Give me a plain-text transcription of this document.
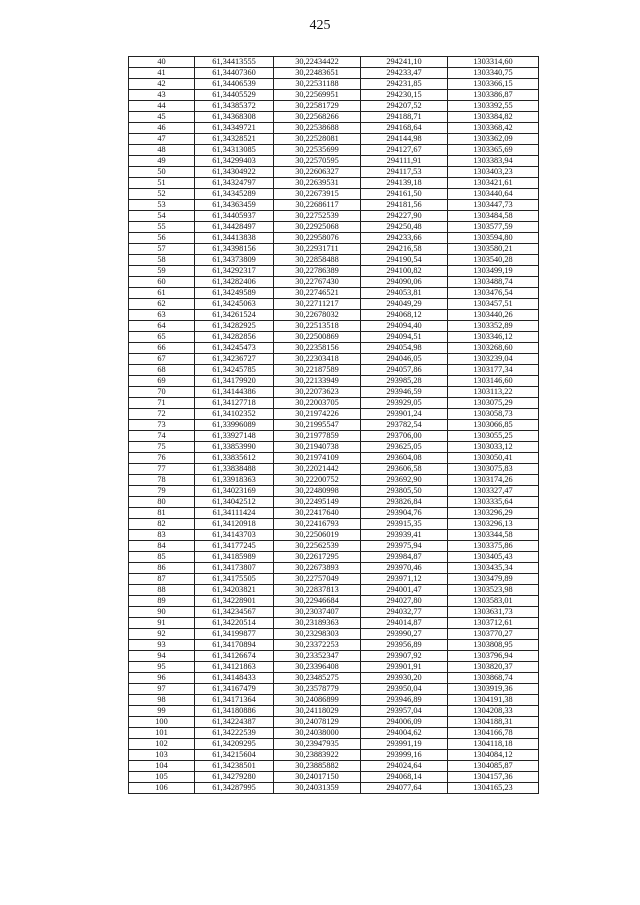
425
40	61,34413555	30,22434422	294241,10	1303314,60
41	61,34407360	30,22483651	294233,47	1303340,75
42	61,34406539	30,22531188	294231,85	1303366,15
43	61,34405529	30,22569951	294230,15	1303386,87
44	61,34385372	30,22581729	294207,52	1303392,55
45	61,34368308	30,22568266	294188,71	1303384,82
46	61,34349721	30,22538688	294168,64	1303368,42
47	61,34328521	30,22528081	294144,98	1303362,09
48	61,34313085	30,22535699	294127,67	1303365,69
49	61,34299403	30,22570595	294111,91	1303383,94
50	61,34304922	30,22606327	294117,53	1303403,23
51	61,34324797	30,22639531	294139,18	1303421,61
52	61,34345289	30,22673915	294161,50	1303440,64
53	61,34363459	30,22686117	294181,56	1303447,73
54	61,34405937	30,22752539	294227,90	1303484,58
55	61,34428497	30,22925068	294250,48	1303577,59
56	61,34413838	30,22958076	294233,66	1303594,80
57	61,34398156	30,22931711	294216,58	1303580,21
58	61,34373809	30,22858488	294190,54	1303540,28
59	61,34292317	30,22786389	294100,82	1303499,19
60	61,34282406	30,22767430	294090,06	1303488,74
61	61,34249589	30,22746521	294053,81	1303476,54
62	61,34245063	30,22711217	294049,29	1303457,51
63	61,34261524	30,22678032	294068,12	1303440,26
64	61,34282925	30,22513518	294094,40	1303352,89
65	61,34282856	30,22500869	294094,51	1303346,12
66	61,34245473	30,22358156	294054,98	1303268,60
67	61,34236727	30,22303418	294046,05	1303239,04
68	61,34245785	30,22187589	294057,86	1303177,34
69	61,34179920	30,22133949	293985,28	1303146,60
70	61,34144386	30,22073623	293946,59	1303113,22
71	61,34127718	30,22003705	293929,05	1303075,29
72	61,34102352	30,21974226	293901,24	1303058,73
73	61,33996089	30,21995547	293782,54	1303066,85
74	61,33927148	30,21977859	293706,00	1303055,25
75	61,33853990	30,21940738	293625,05	1303033,12
76	61,33835612	30,21974109	293604,08	1303050,41
77	61,33838488	30,22021442	293606,58	1303075,83
78	61,33918363	30,22200752	293692,90	1303174,26
79	61,34023169	30,22480998	293805,50	1303327,47
80	61,34042512	30,22495149	293826,84	1303335,64
81	61,34111424	30,22417640	293904,76	1303296,29
82	61,34120918	30,22416793	293915,35	1303296,13
83	61,34143703	30,22506019	293939,41	1303344,58
84	61,34177245	30,22562539	293975,94	1303375,86
85	61,34185989	30,22617295	293984,87	1303405,43
86	61,34173807	30,22673893	293970,46	1303435,34
87	61,34175505	30,22757049	293971,12	1303479,89
88	61,34203821	30,22837813	294001,47	1303523,98
89	61,34228901	30,22946684	294027,80	1303583,01
90	61,34234567	30,23037407	294032,77	1303631,73
91	61,34220514	30,23189363	294014,87	1303712,61
92	61,34199877	30,23298303	293990,27	1303770,27
93	61,34170894	30,23372253	293956,89	1303808,95
94	61,34126674	30,23352347	293907,92	1303796,94
95	61,34121863	30,23396408	293901,91	1303820,37
96	61,34148433	30,23485275	293930,20	1303868,74
97	61,34167479	30,23578779	293950,04	1303919,36
98	61,34171364	30,24086899	293946,89	1304191,38
99	61,34180886	30,24118029	293957,04	1304208,33
100	61,34224387	30,24078129	294006,09	1304188,31
101	61,34222539	30,24038000	294004,62	1304166,78
102	61,34209295	30,23947935	293991,19	1304118,18
103	61,34215604	30,23883922	293999,16	1304084,12
104	61,34238501	30,23885882	294024,64	1304085,87
105	61,34279280	30,24017150	294068,14	1304157,36
106	61,34287995	30,24031359	294077,64	1304165,23
